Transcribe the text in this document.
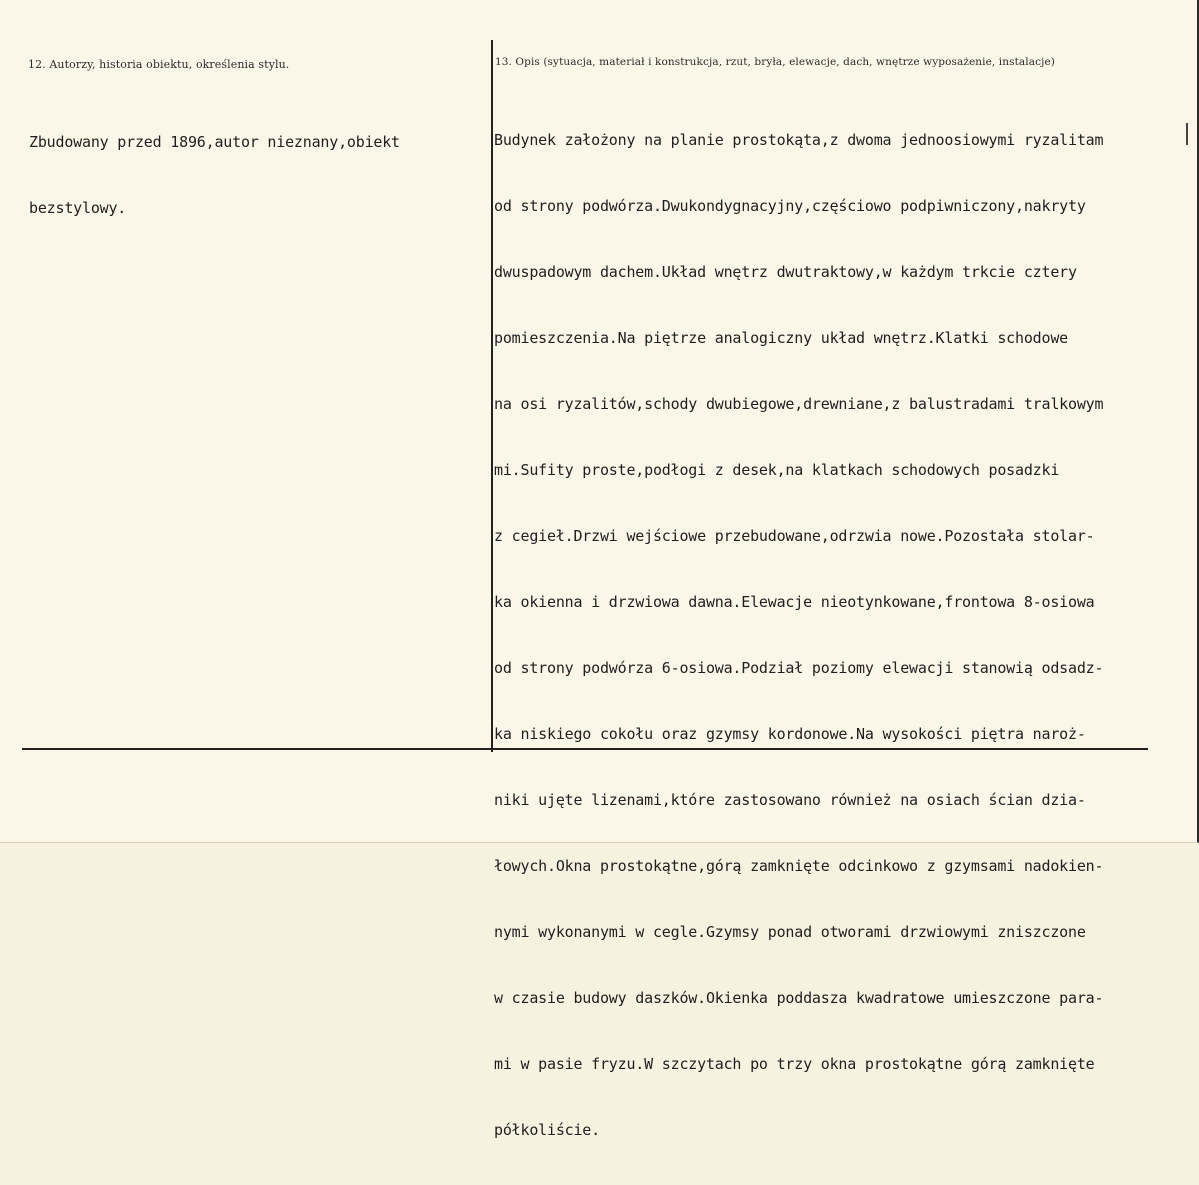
12. Autorzy, historia obiektu, określenia stylu.

Zbudowany przed 1896,autor nieznany,obiekt

bezstylowy.

13. Opis (sytuacja, materiał i konstrukcja, rzut, bryła, elewacje, dach, wnętrze wyposażenie, instalacje)

Budynek założony na planie prostokąta,z dwoma jednoosiowymi ryzalitam

od strony podwórza.Dwukondygnacyjny,częściowo podpiwniczony,nakryty

dwuspadowym dachem.Układ wnętrz dwutraktowy,w każdym trkcie cztery

pomieszczenia.Na piętrze analogiczny układ wnętrz.Klatki schodowe

na osi ryzalitów,schody dwubiegowe,drewniane,z balustradami tralkowym

mi.Sufity proste,podłogi z desek,na klatkach schodowych posadzki

z cegieł.Drzwi wejściowe przebudowane,odrzwia nowe.Pozostała stolar-

ka okienna i drzwiowa dawna.Elewacje nieotynkowane,frontowa 8-osiowa

od strony podwórza 6-osiowa.Podział poziomy elewacji stanowią odsadz-

ka niskiego cokołu oraz gzymsy kordonowe.Na wysokości piętra naroż-

niki ujęte lizenami,które zastosowano również na osiach ścian dzia-

łowych.Okna prostokątne,górą zamknięte odcinkowo z gzymsami nadokien-

nymi wykonanymi w cegle.Gzymsy ponad otworami drzwiowymi zniszczone

w czasie budowy daszków.Okienka poddasza kwadratowe umieszczone para-

mi w pasie fryzu.W szczytach po trzy okna prostokątne górą zamknięte

półkoliście.
